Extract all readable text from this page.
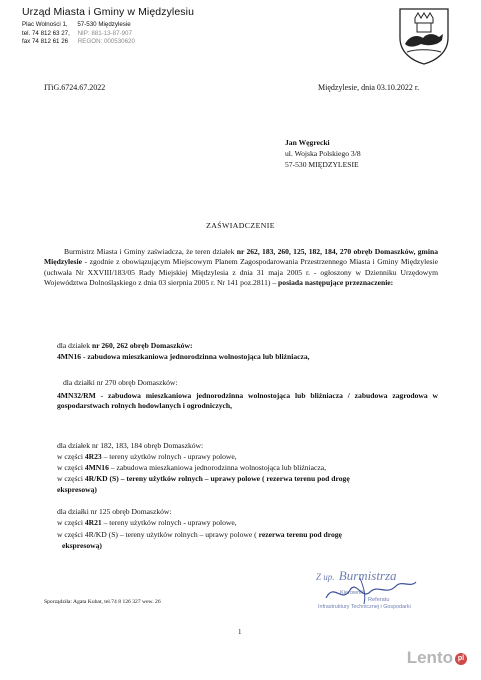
Urząd Miasta i Gminy w Międzylesiu
Plac Wolności 1, 57-530 Międzylesie
tel. 74 812 63 27, NIP: 881-13-87-907
fax 74 812 61 26 REGON: 000530620
ITiG.6724.67.2022	Międzylesie, dnia 03.10.2022 r.
Jan Węgrecki
ul. Wojska Polskiego 3/8
57-530 MIĘDZYLESIE
ZAŚWIADCZENIE
Burmistrz Miasta i Gminy zaświadcza, że teren działek nr 262, 183, 260, 125, 182, 184, 270 obręb Domaszków, gmina Międzylesie - zgodnie z obowiązującym Miejscowym Planem Zagospodarowania Przestrzennego Miasta i Gminy Międzylesie (uchwała Nr XXVIII/183/05 Rady Miejskiej Międzylesia z dnia 31 maja 2005 r. - ogłoszony w Dzienniku Urzędowym Województwa Dolnośląskiego z dnia 03 sierpnia 2005 r. Nr 141 poz.2811) – posiada następujące przeznaczenie:
dla działek nr 260, 262 obręb Domaszków:
4MN16 - zabudowa mieszkaniowa jednorodzinna wolnostojąca lub bliźniacza,
dla działki nr 270 obręb Domaszków:
4MN32/RM - zabudowa mieszkaniowa jednorodzinna wolnostojąca lub bliźniacza / zabudowa zagrodowa w gospodarstwach rolnych hodowlanych i ogrodniczych,
dla działek nr 182, 183, 184 obręb Domaszków:
w części 4R23 – tereny użytków rolnych - uprawy polowe,
w części 4MN16 – zabudowa mieszkaniowa jednorodzinna wolnostojąca lub bliźniacza,
w części 4R/KD (S) – tereny użytków rolnych – uprawy polowe ( rezerwa terenu pod drogę
ekspresową)
dla działki nr 125 obręb Domaszków:
w części 4R21 – tereny użytków rolnych - uprawy polowe,
w części 4R/KD (S) – tereny użytków rolnych – uprawy polowe ( rezerwa terenu pod drogę
ekspresową)
Z up. Burmistrza
Kierownik
Referatu
Infrastruktury Technicznej i Gospodarki
Sporządziła: Agata Kubat, tel.74 8 126 327 wew. 26
1
Lento pl
